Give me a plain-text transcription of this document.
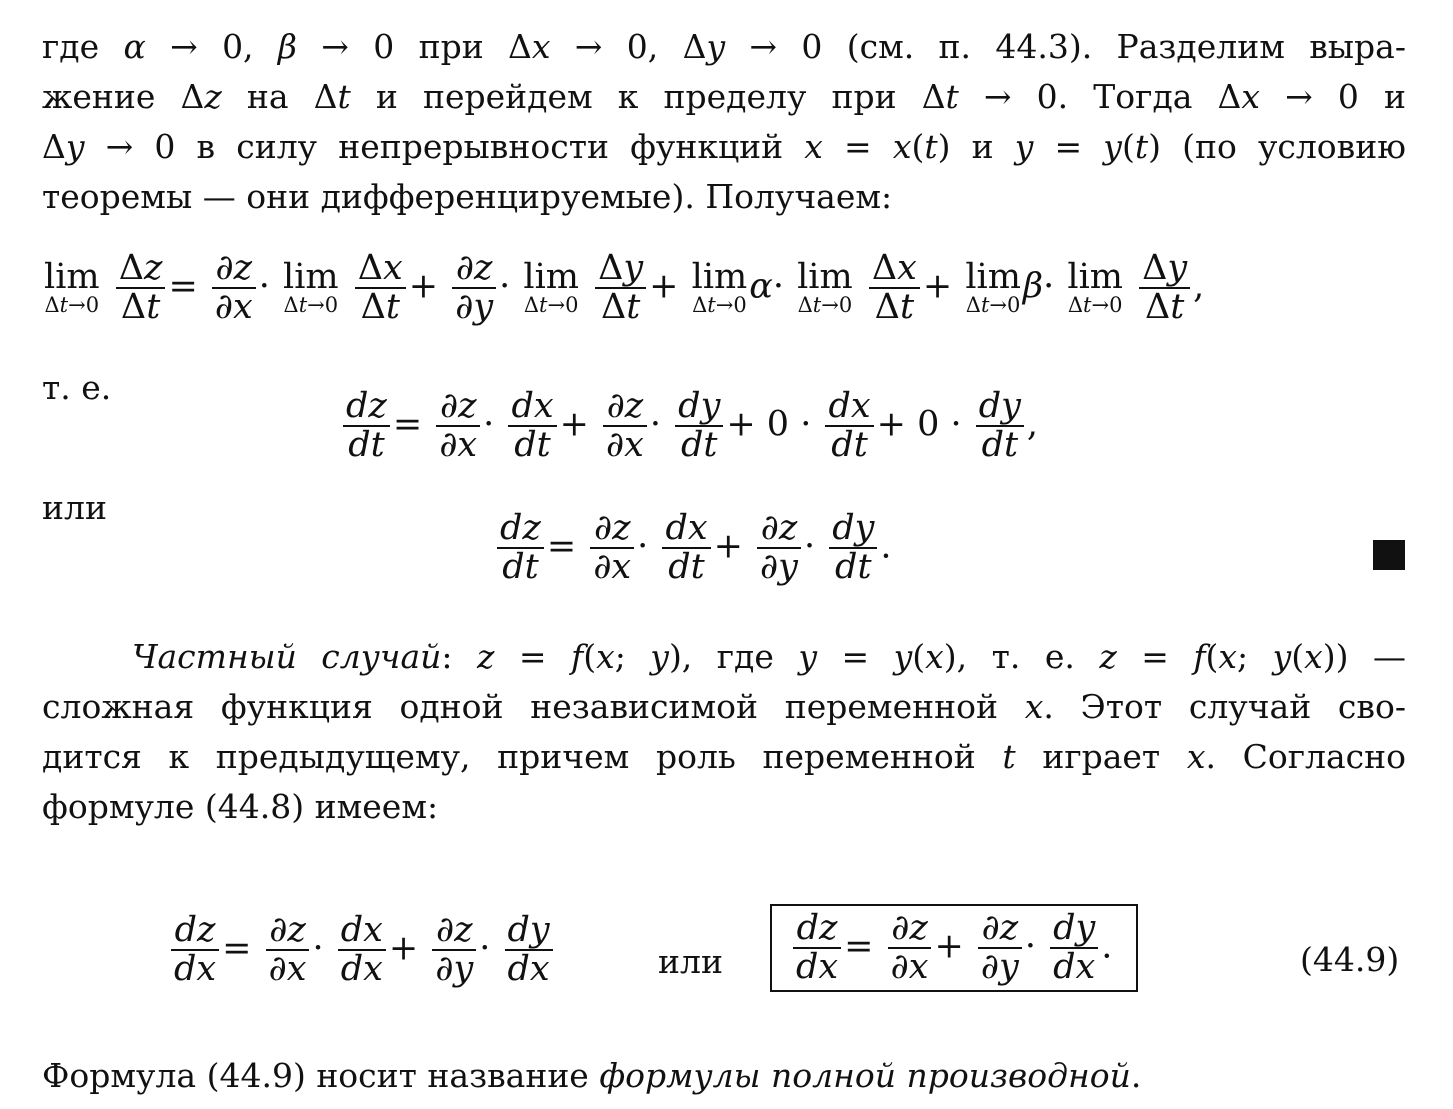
где α → 0, β → 0 при Δx → 0, Δy → 0 (см. п. 44.3). Разделим выра-
жение Δz на Δt и перейдем к пределу при Δt → 0. Тогда Δx → 0 и
Δy → 0 в силу непрерывности функций x = x(t) и y = y(t) (по условию
теоремы — они дифференцируемые). Получаем:
lim
Δt→0
$\frac{\Delta z}{\Delta t} = \frac{\partial z}{\partial x} \cdot \lim$
Δt→0
$\frac{\Delta x}{\Delta t} + \frac{\partial z}{\partial y} \cdot \lim$
Δt→0
$\frac{\Delta y}{\Delta t} + \lim$
Δt→0 α· lim
Δt→0
$\frac{\Delta x}{\Delta t} + \lim$
Δt→0 β· lim
Δt→0
$\frac{\Delta y}{\Delta t}$ ,
т. е.
$\frac{dz}{dt} = \frac{\partial z}{\partial x} \cdot \frac{dx}{dt} + \frac{\partial z}{\partial x} \cdot \frac{dy}{dt} + 0 \cdot \frac{dx}{dt} + 0 \cdot \frac{dy}{dt}$ ,
или
$\frac{dz}{dt} = \frac{\partial z}{\partial x} \cdot \frac{dx}{dt} + \frac{\partial z}{\partial y} \cdot \frac{dy}{dt}$ .
Частный случай: z = f(x; y), где y = y(x), т. е. z = f(x; y(x)) —
сложная функция одной независимой переменной x. Этот случай сво-
дится к предыдущему, причем роль переменной t играет x. Согласно
формуле (44.8) имеем:
$\frac{dz}{dx} = \frac{\partial z}{\partial x} \cdot \frac{dx}{dx} + \frac{\partial z}{\partial y} \cdot \frac{dy}{dx}$	или $\frac{dz}{dx} = \frac{\partial z}{\partial x} + \frac{\partial z}{\partial y} \cdot \frac{dy}{dx}$ .	(44.9)
Формула (44.9) носит название формулы полной производной.
